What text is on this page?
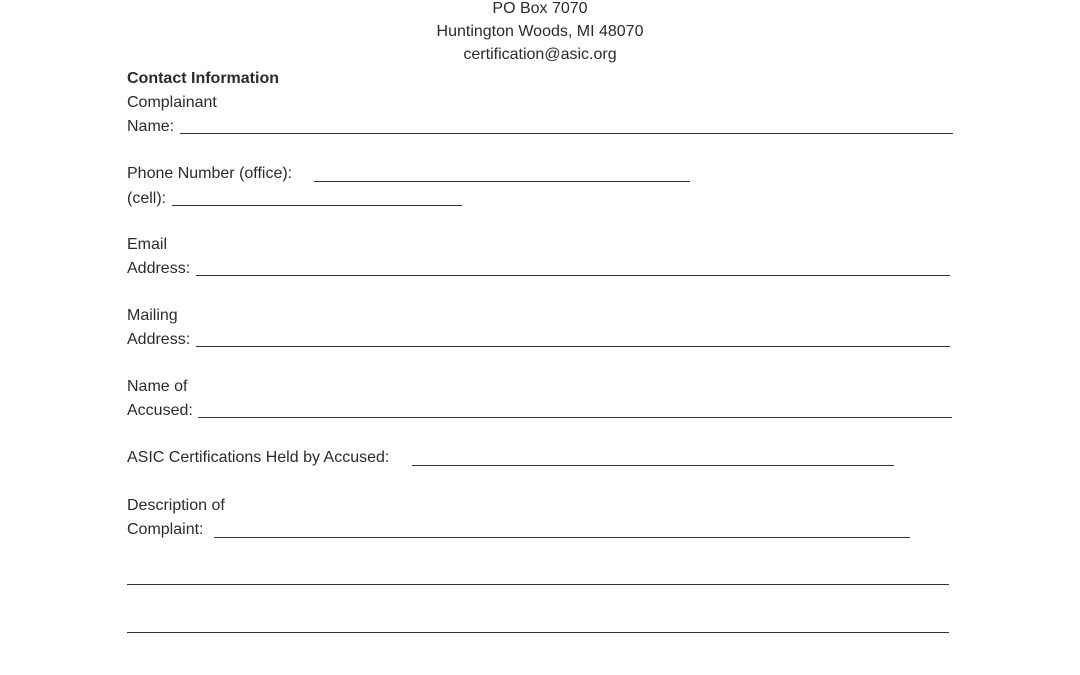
PO Box 7070
Huntington Woods, MI 48070
certification@asic.org
Contact Information
Complainant
Name:
Phone Number (office):
(cell):
Email
Address:
Mailing
Address:
Name of
Accused:
ASIC Certifications Held by Accused:
Description of
Complaint:
